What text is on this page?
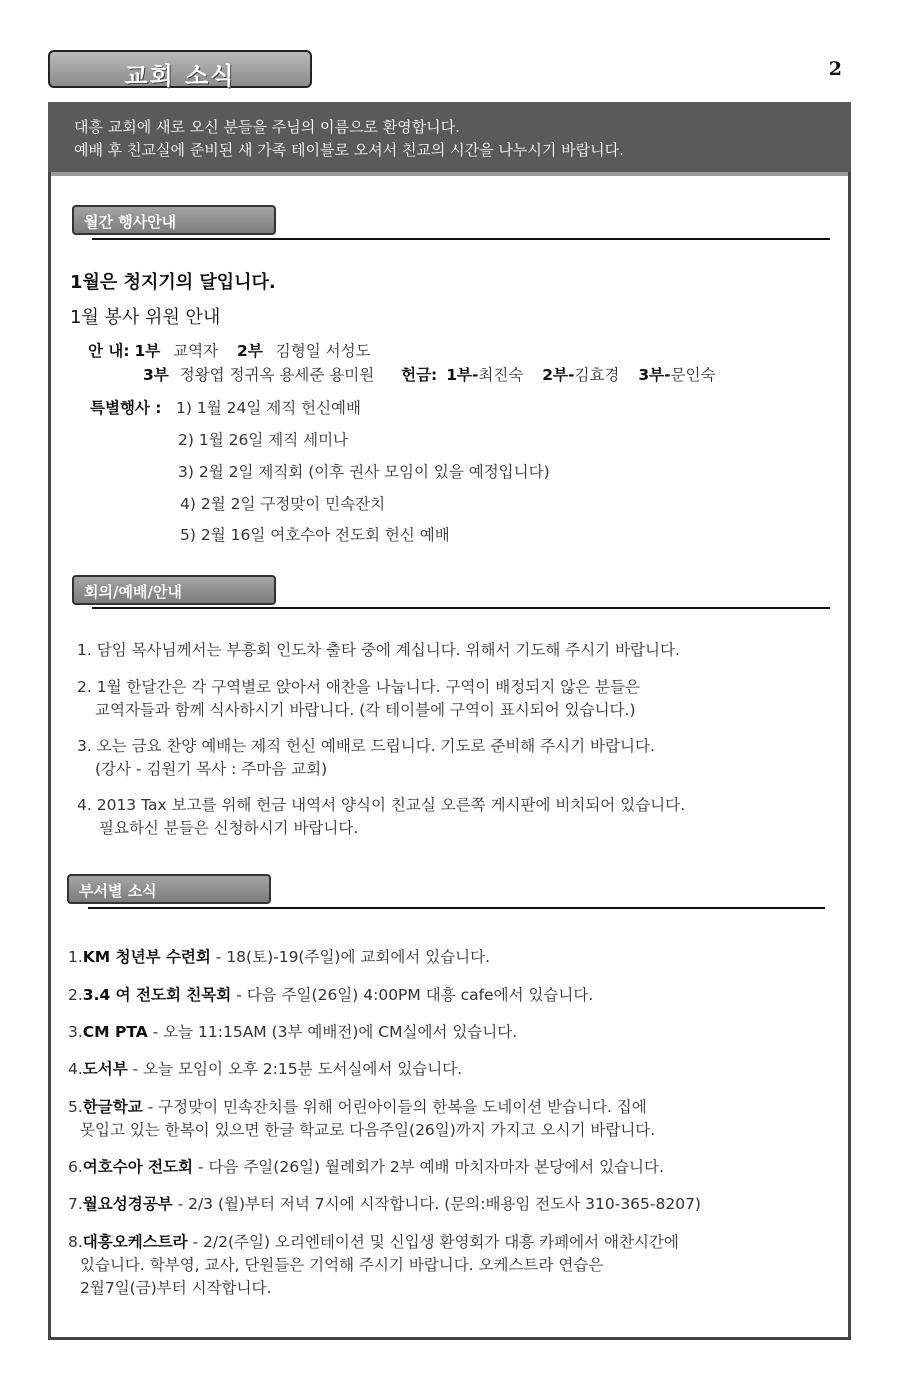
교회 소식	2
대흥 교회에 새로 오신 분들을 주님의 이름으로 환영합니다.
예배 후 친교실에 준비된 새 가족 테이블로 오셔서 친교의 시간을 나누시기 바랍니다.
월간 행사안내
1월은 청지기의 달입니다.
1월 봉사 위원 안내
안 내: 1부 교역자 2부 김형일 서성도
3부 정왕엽 정귀옥 용세준 용미원 헌금: 1부-최진숙 2부-김효경 3부-문인숙
특별행사 : 1) 1월 24일 제직 헌신예배
2) 1월 26일 제직 세미나
3) 2월 2일 제직회 (이후 권사 모임이 있을 예정입니다)
4) 2월 2일 구정맞이 민속잔치
5) 2월 16일 여호수아 전도회 헌신 예배
회의/예배/안내
1. 담임 목사님께서는 부흥회 인도차 출타 중에 계십니다. 위해서 기도해 주시기 바랍니다.
2. 1월 한달간은 각 구역별로 앉아서 애찬을 나눕니다. 구역이 배정되지 않은 분들은
교역자들과 함께 식사하시기 바랍니다. (각 테이블에 구역이 표시되어 있습니다.)
3. 오는 금요 찬양 예배는 제직 헌신 예배로 드립니다. 기도로 준비해 주시기 바랍니다.
(강사 - 김원기 목사 : 주마음 교회)
4. 2013 Tax 보고를 위해 헌금 내역서 양식이 친교실 오른쪽 게시판에 비치되어 있습니다.
필요하신 분들은 신청하시기 바랍니다.
부서별 소식
1.KM 청년부 수련회 - 18(토)-19(주일)에 교회에서 있습니다.
2.3.4 여 전도회 친목회 - 다음 주일(26일) 4:00PM 대흥 cafe에서 있습니다.
3.CM PTA - 오늘 11:15AM (3부 예배전)에 CM실에서 있습니다.
4.도서부 - 오늘 모임이 오후 2:15분 도서실에서 있습니다.
5.한글학교 - 구정맞이 민속잔치를 위해 어린아이들의 한복을 도네이션 받습니다. 집에
못입고 있는 한복이 있으면 한글 학교로 다음주일(26일)까지 가지고 오시기 바랍니다.
6.여호수아 전도회 - 다음 주일(26일) 월례회가 2부 예배 마치자마자 본당에서 있습니다.
7.월요성경공부 - 2/3 (월)부터 저녁 7시에 시작합니다. (문의:배용임 전도사 310-365-8207)
8.대흥오케스트라 - 2/2(주일) 오리엔테이션 및 신입생 환영회가 대흥 카페에서 애찬시간에
있습니다. 학부영, 교사, 단원들은 기억해 주시기 바랍니다. 오케스트라 연습은
2월7일(금)부터 시작합니다.
